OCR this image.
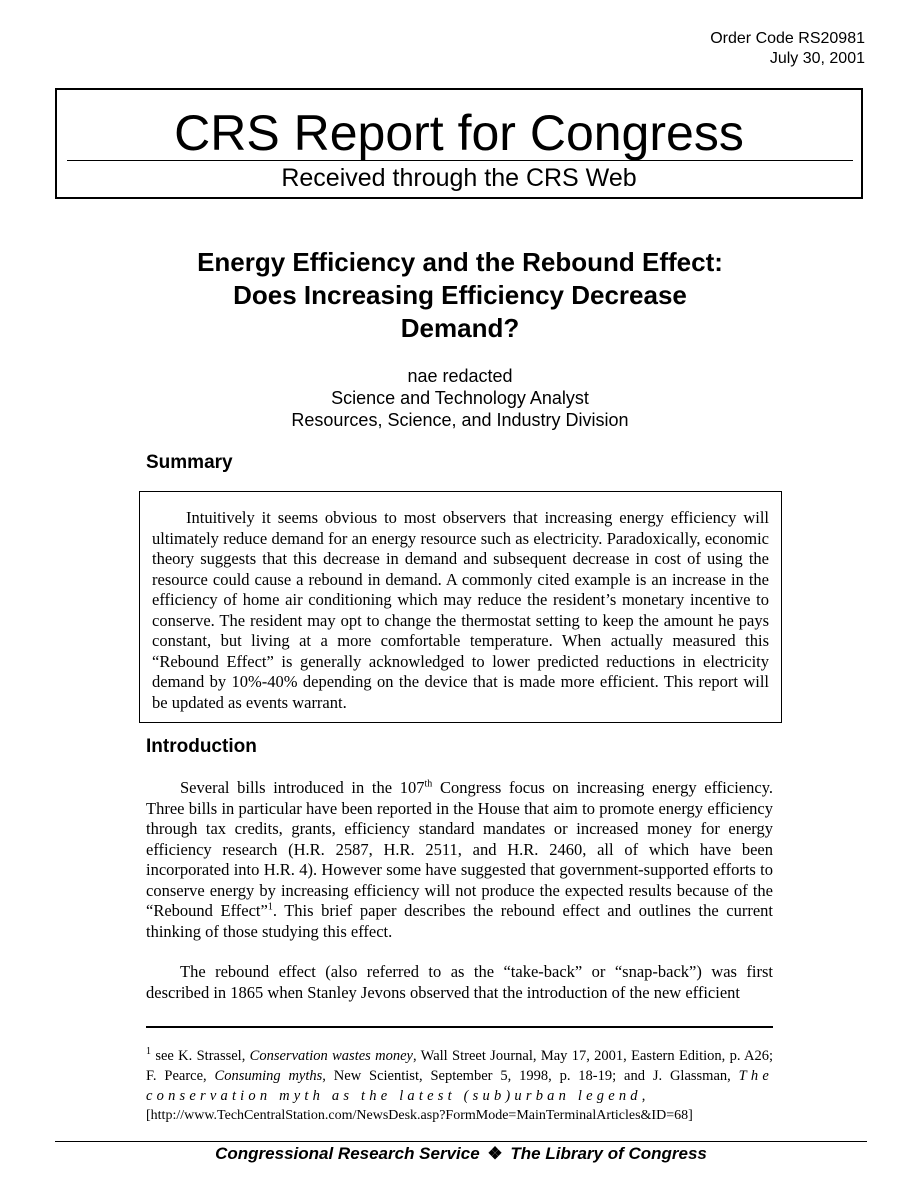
Order Code RS20981
July 30, 2001
CRS Report for Congress
Received through the CRS Web
Energy Efficiency and the Rebound Effect:
Does Increasing Efficiency Decrease
Demand?
nae redacted
Science and Technology Analyst
Resources, Science, and Industry Division
Summary

Intuitively it seems obvious to most observers that increasing energy efficiency will ultimately reduce demand for an energy resource such as electricity. Paradoxically, economic theory suggests that this decrease in demand and subsequent decrease in cost of using the resource could cause a rebound in demand. A commonly cited example is an increase in the efficiency of home air conditioning which may reduce the resident’s monetary incentive to conserve. The resident may opt to change the thermostat setting to keep the amount he pays constant, but living at a more comfortable temperature. When actually measured this “Rebound Effect” is generally acknowledged to lower predicted reductions in electricity demand by 10%-40% depending on the device that is made more efficient. This report will be updated as events warrant.

Introduction

Several bills introduced in the 107th Congress focus on increasing energy efficiency. Three bills in particular have been reported in the House that aim to promote energy efficiency through tax credits, grants, efficiency standard mandates or increased money for energy efficiency research (H.R. 2587, H.R. 2511, and H.R. 2460, all of which have been incorporated into H.R. 4). However some have suggested that government-supported efforts to conserve energy by increasing efficiency will not produce the expected results because of the “Rebound Effect”$^1$. This brief paper describes the rebound effect and outlines the current thinking of those studying this effect.

The rebound effect (also referred to as the “take-back” or “snap-back”) was first described in 1865 when Stanley Jevons observed that the introduction of the new efficient

$^1$ see K. Strassel, Conservation wastes money, Wall Street Journal, May 17, 2001, Eastern Edition, p. A26; F. Pearce, Consuming myths, New Scientist, September 5, 1998, p. 18-19; and J. Glassman, The conservation myth as the latest (sub)urban legend,
[http://www.TechCentralStation.com/NewsDesk.asp?FormMode=MainTerminalArticles&ID=68]

Congressional Research Service ❖ The Library of Congress
